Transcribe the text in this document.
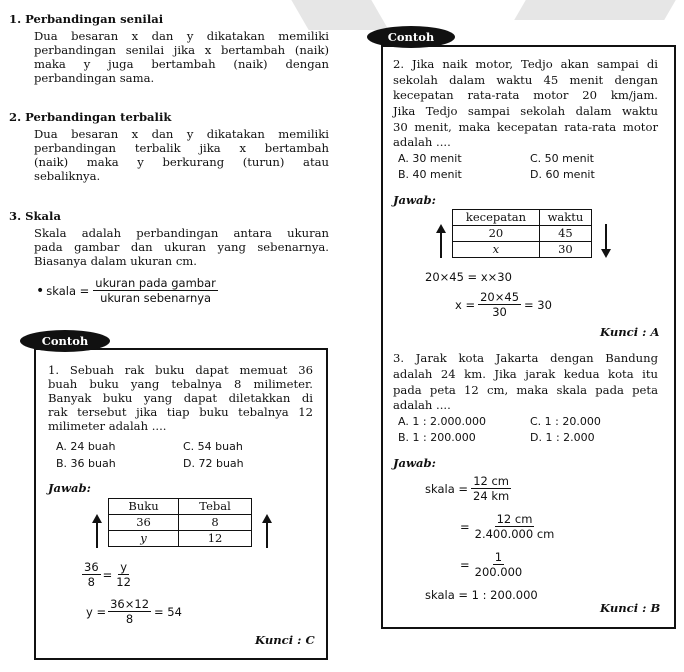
1. Perbandingan senilai
Dua besaran x dan y dikatakan memiliki
perbandingan senilai jika x bertambah (naik)
maka y juga bertambah (naik) dengan
perbandingan sama.
2. Perbandingan terbalik
Dua besaran x dan y dikatakan memiliki
perbandingan terbalik jika x bertambah
(naik) maka y berkurang (turun) atau
sebaliknya.
3. Skala
Skala adalah perbandingan antara ukuran
pada gambar dan ukuran yang sebenarnya.
Biasanya dalam ukuran cm.
• skala = $\frac{\text{ukuran pada gambar}}{\text{ukuran sebenarnya}}$
Contoh
1. Sebuah rak buku dapat memuat 36
buah buku yang tebalnya 8 milimeter.
Banyak buku yang dapat diletakkan di
rak tersebut jika tiap buku tebalnya 12
milimeter adalah ....
A. 24 buah	C. 54 buah
B. 36 buah	D. 72 buah
Jawab:
Buku	Tebal
36	8
y	12
$\frac{36}{8} = \frac{y}{12}$
$y = \frac{36\times 12}{8} = 54$
Kunci : C
Contoh
2. Jika naik motor, Tedjo akan sampai di
sekolah dalam waktu 45 menit dengan
kecepatan rata-rata motor 20 km/jam.
Jika Tedjo sampai sekolah dalam waktu
30 menit, maka kecepatan rata-rata motor
adalah ....
A. 30 menit	C. 50 menit
B. 40 menit	D. 60 menit
Jawab:
kecepatan	waktu
20	45
x	30
20×45 = x×30
$x = \frac{20\times 45}{30} = 30$
Kunci : A
3. Jarak kota Jakarta dengan Bandung
adalah 24 km. Jika jarak kedua kota itu
pada peta 12 cm, maka skala pada peta
adalah ....
A. 1 : 2.000.000	C. 1 : 20.000
B. 1 : 200.000	D. 1 : 2.000
Jawab:
skala = $\frac{12 cm}{24 km}$
= $\frac{12 cm}{2.400.000 cm}$
= $\frac{1}{200.000}$
skala = 1 : 200.000
Kunci : B
